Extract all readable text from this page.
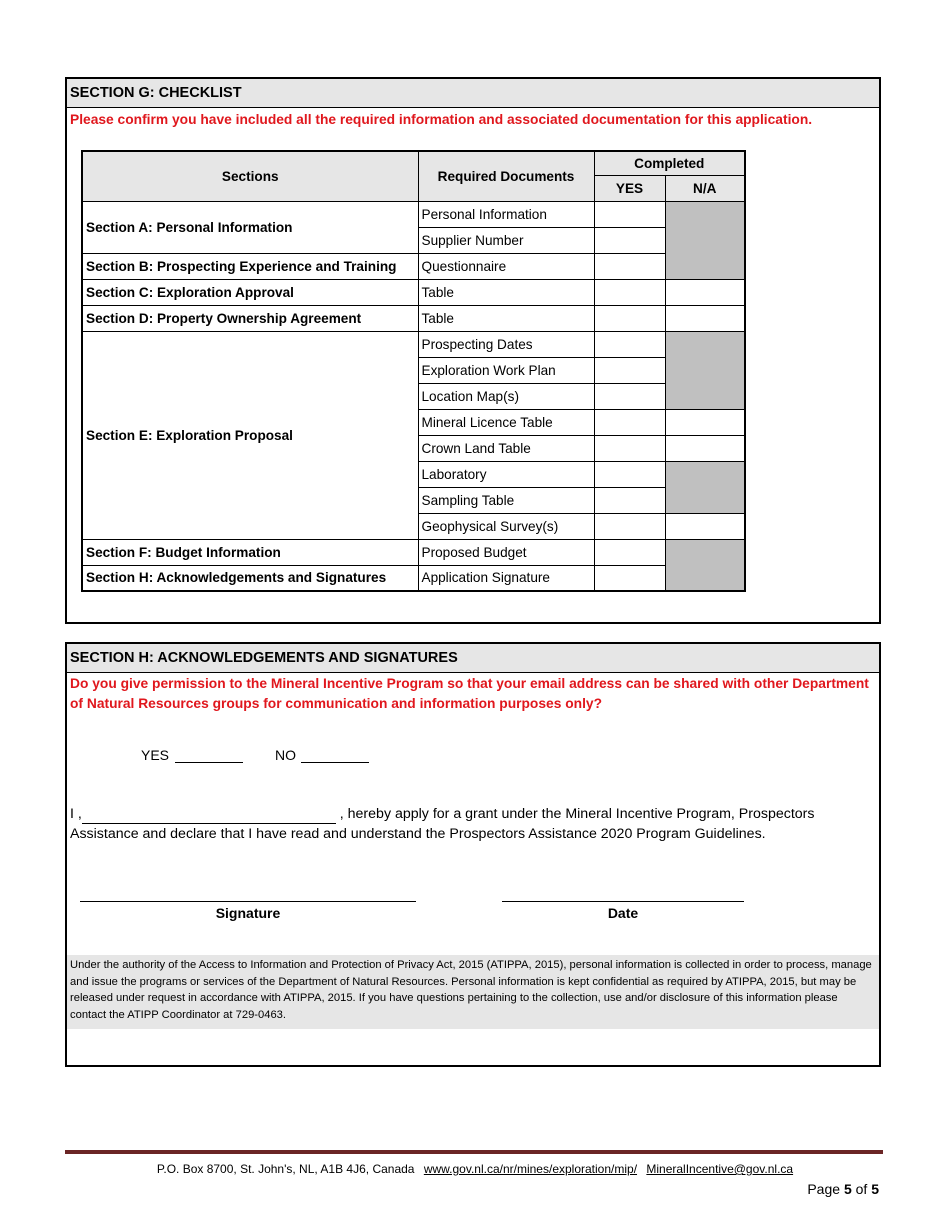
SECTION G: CHECKLIST
Please confirm you have included all the required information and associated documentation for this application.
Sections	Required Documents	Completed	
		YES	N/A
Section A: Personal Information	Personal Information		
	Supplier Number		
Section B: Prospecting Experience and Training	Questionnaire		
Section C: Exploration Approval	Table		
Section D: Property Ownership Agreement	Table		
Section E: Exploration Proposal	Prospecting Dates		
	Exploration Work Plan		
	Location Map(s)		
	Mineral Licence Table		
	Crown Land Table		
	Laboratory		
	Sampling Table		
	Geophysical Survey(s)		
Section F: Budget Information	Proposed Budget		
Section H: Acknowledgements and Signatures	Application Signature		
SECTION H: ACKNOWLEDGEMENTS AND SIGNATURES
Do you give permission to the Mineral Incentive Program so that your email address can be shared with other Department of Natural Resources groups for communication and information purposes only?
YES	NO
I ,	, hereby apply for a grant under the Mineral Incentive Program, Prospectors Assistance and declare that I have read and understand the Prospectors Assistance 2020 Program Guidelines.
Signature	Date
Under the authority of the Access to Information and Protection of Privacy Act, 2015 (ATIPPA, 2015), personal information is collected in order to process, manage and issue the programs or services of the Department of Natural Resources. Personal information is kept confidential as required by ATIPPA, 2015, but may be released under request in accordance with ATIPPA, 2015. If you have questions pertaining to the collection, use and/or disclosure of this information please contact the ATIPP Coordinator at 729-0463.
P.O. Box 8700, St. John's, NL, A1B 4J6, Canada www.gov.nl.ca/nr/mines/exploration/mip/ MineralIncentive@gov.nl.ca
Page 5 of 5
